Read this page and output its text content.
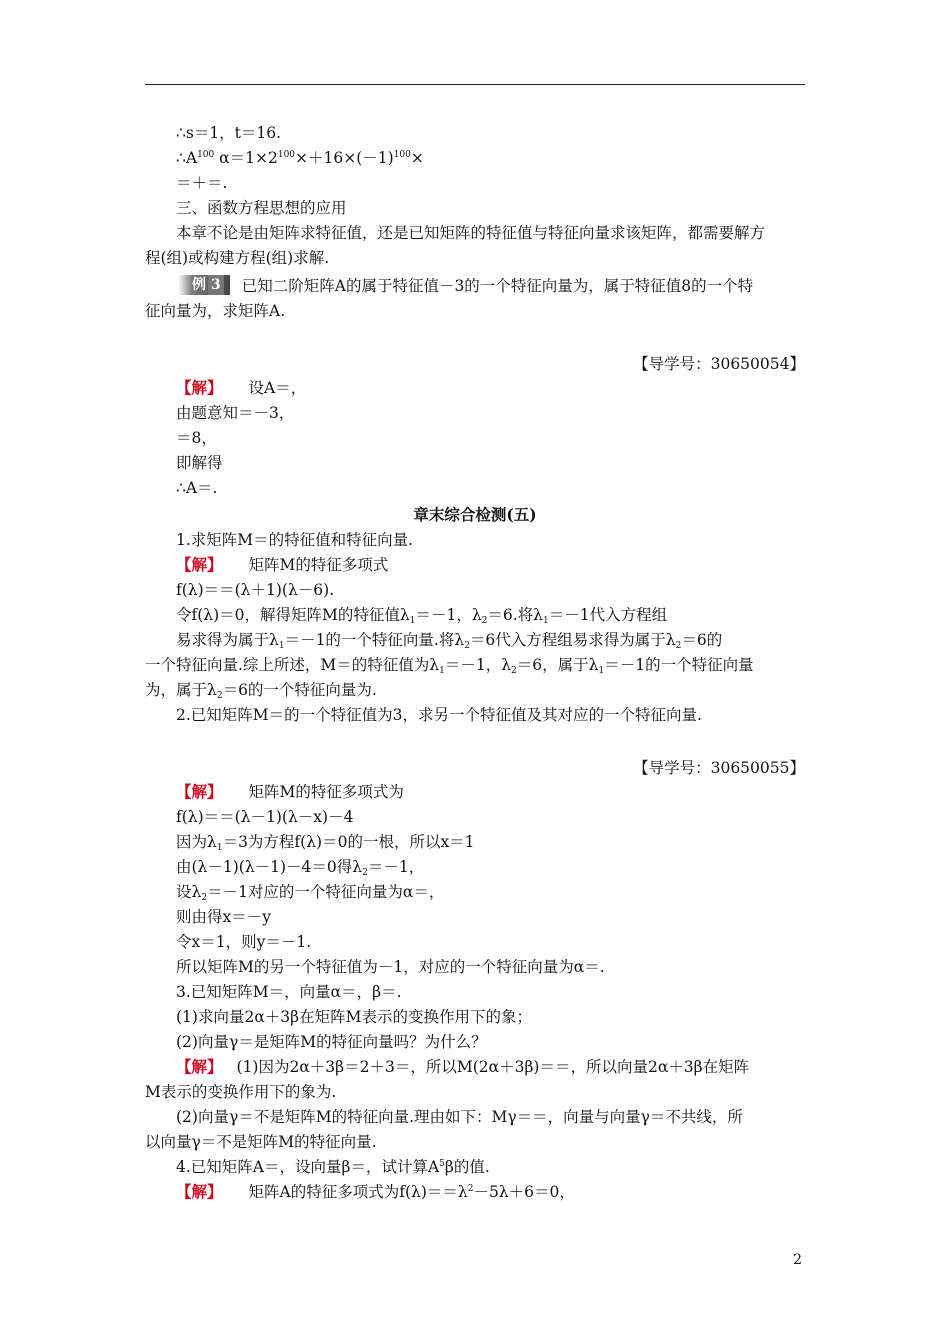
∴s＝1，t＝16.
$\therefore A^{100}$ $\alpha=1\times 2^{100}\times+16\times(-1)^{100}\times$
＝＋＝.
三、函数方程思想的应用
本章不论是由矩阵求特征值，还是已知矩阵的特征值与特征向量求该矩阵，都需要解方
程(组)或构建方程(组)求解.
例 3 已知二阶矩阵A的属于特征值－3的一个特征向量为，属于特征值8的一个特
征向量为，求矩阵A.
【导学号：30650054】
【解】 设A＝，
由题意知＝－3，
＝8，
即解得
∴A＝.
章末综合检测(五)
1.求矩阵M＝的特征值和特征向量.
【解】 矩阵M的特征多项式
f(λ)＝＝(λ＋1)(λ－6).
令f(λ)＝0，解得矩阵M的特征值$\lambda_1=-1$，$\lambda_2=6$.将$\lambda_1=-1$代入方程组
易求得为属于$\lambda_1=-1$的一个特征向量.将$\lambda_2=6$代入方程组易求得为属于$\lambda_2=6$的
一个特征向量.综上所述，M＝的特征值为$\lambda_1=-1$，$\lambda_2=6$，属于$\lambda_1=-1$的一个特征向量
为，属于$\lambda_2=6$的一个特征向量为.
2.已知矩阵M＝的一个特征值为3，求另一个特征值及其对应的一个特征向量.
【导学号：30650055】
【解】 矩阵M的特征多项式为
f(λ)＝＝(λ－1)(λ－x)－4
因为$\lambda_1=3$为方程f(λ)＝0的一根，所以x＝1
由(λ－1)(λ－1)－4＝0得$\lambda_2=-1$，
设$\lambda_2=-1$对应的一个特征向量为α＝，
则由得x＝－y
令x＝1，则y＝－1.
所以矩阵M的另一个特征值为－1，对应的一个特征向量为α＝.
3.已知矩阵M＝，向量α＝，β＝.
(1)求向量2α＋3β在矩阵M表示的变换作用下的象；
(2)向量γ＝是矩阵M的特征向量吗？为什么？
【解】 (1)因为2α＋3β＝2＋3＝，所以M(2α＋3β)＝＝，所以向量2α＋3β在矩阵
M表示的变换作用下的象为.
(2)向量γ＝不是矩阵M的特征向量.理由如下：Mγ＝＝，向量与向量γ＝不共线，所
以向量γ＝不是矩阵M的特征向量.
4.已知矩阵A＝，设向量β＝，试计算$A^5\beta$的值.
【解】 矩阵A的特征多项式为$f(\lambda)==\lambda^2-5\lambda+6=0$，
2
